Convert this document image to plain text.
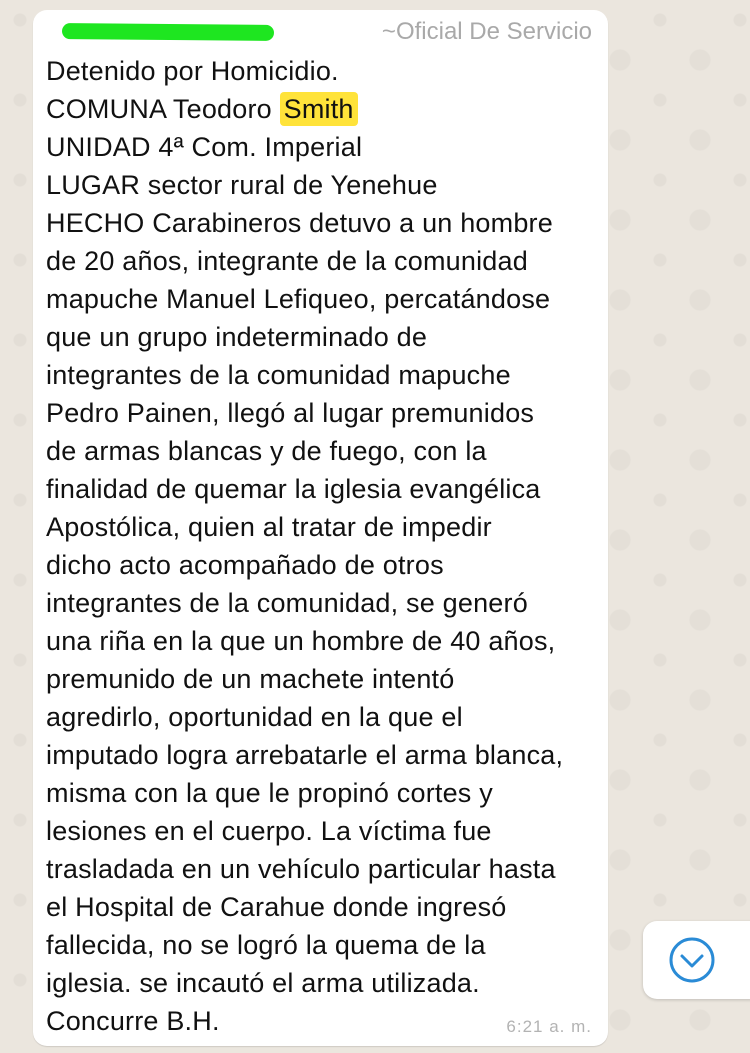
~Oficial De Servicio

Detenido por Homicidio.
COMUNA Teodoro Smith
UNIDAD 4ª Com. Imperial
LUGAR sector rural de Yenehue
HECHO Carabineros detuvo a un hombre
de 20 años, integrante de la comunidad
mapuche Manuel Lefiqueo, percatándose
que un grupo indeterminado de
integrantes de la comunidad mapuche
Pedro Painen, llegó al lugar premunidos
de armas blancas y de fuego, con la
finalidad de quemar la iglesia evangélica
Apostólica, quien al tratar de impedir
dicho acto acompañado de otros
integrantes de la comunidad, se generó
una riña en la que un hombre de 40 años,
premunido de un machete intentó
agredirlo, oportunidad en la que el
imputado logra arrebatarle el arma blanca,
misma con la que le propinó cortes y
lesiones en el cuerpo. La víctima fue
trasladada en un vehículo particular hasta
el Hospital de Carahue donde ingresó
fallecida, no se logró la quema de la
iglesia. se incautó el arma utilizada.
Concurre B.H.	6:21 a. m.
